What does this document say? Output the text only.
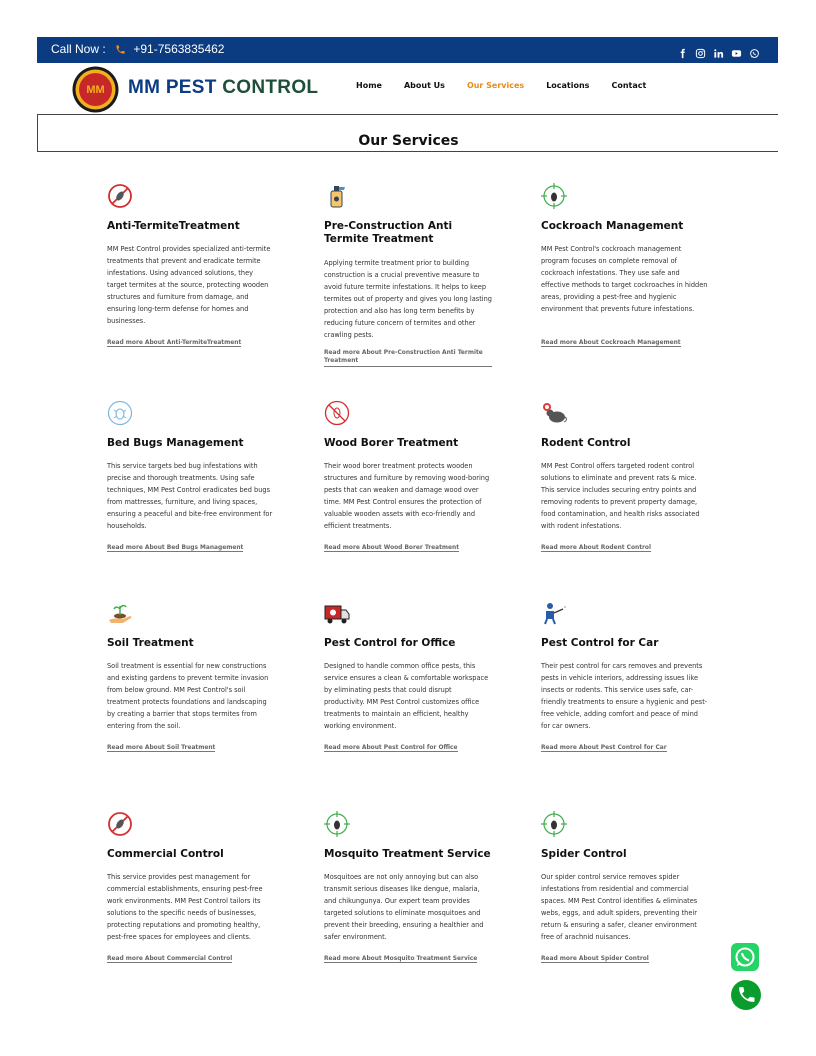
Call Now : +91-7563835462
MM MM PEST CONTROL	Home	About Us	Our Services	Locations	Contact
Our Services
Anti-TermiteTreatment
MM Pest Control provides specialized anti-termite treatments that prevent and eradicate termite infestations. Using advanced solutions, they target termites at the source, protecting wooden structures and furniture from damage, and ensuring long-term defense for homes and businesses.
Read more About Anti-TermiteTreatment
Pre-Construction Anti Termite Treatment
Applying termite treatment prior to building construction is a crucial preventive measure to avoid future termite infestations. It helps to keep termites out of property and gives you long lasting protection and also has long term benefits by reducing future concern of termites and other crawling pests.
Read more About Pre-Construction Anti Termite Treatment
Cockroach Management
MM Pest Control's cockroach management program focuses on complete removal of cockroach infestations. They use safe and effective methods to target cockroaches in hidden areas, providing a pest-free and hygienic environment that prevents future infestations.
Read more About Cockroach Management
Bed Bugs Management
This service targets bed bug infestations with precise and thorough treatments. Using safe techniques, MM Pest Control eradicates bed bugs from mattresses, furniture, and living spaces, ensuring a peaceful and bite-free environment for households.
Read more About Bed Bugs Management
Wood Borer Treatment
Their wood borer treatment protects wooden structures and furniture by removing wood-boring pests that can weaken and damage wood over time. MM Pest Control ensures the protection of valuable wooden assets with eco-friendly and efficient treatments.
Read more About Wood Borer Treatment
Rodent Control
MM Pest Control offers targeted rodent control solutions to eliminate and prevent rats & mice. This service includes securing entry points and removing rodents to prevent property damage, food contamination, and health risks associated with rodent infestations.
Read more About Rodent Control
Soil Treatment
Soil treatment is essential for new constructions and existing gardens to prevent termite invasion from below ground. MM Pest Control's soil treatment protects foundations and landscaping by creating a barrier that stops termites from entering from the soil.
Read more About Soil Treatment
Pest Control for Office
Designed to handle common office pests, this service ensures a clean & comfortable workspace by eliminating pests that could disrupt productivity. MM Pest Control customizes office treatments to maintain an efficient, healthy working environment.
Read more About Pest Control for Office
Pest Control for Car
Their pest control for cars removes and prevents pests in vehicle interiors, addressing issues like insects or rodents. This service uses safe, car-friendly treatments to ensure a hygienic and pest-free vehicle, adding comfort and peace of mind for car owners.
Read more About Pest Control for Car
Commercial Control
This service provides pest management for commercial establishments, ensuring pest-free work environments. MM Pest Control tailors its solutions to the specific needs of businesses, protecting reputations and promoting healthy, pest-free spaces for employees and clients.
Read more About Commercial Control
Mosquito Treatment Service
Mosquitoes are not only annoying but can also transmit serious diseases like dengue, malaria, and chikungunya. Our expert team provides targeted solutions to eliminate mosquitoes and prevent their breeding, ensuring a healthier and safer environment.
Read more About Mosquito Treatment Service
Spider Control
Our spider control service removes spider infestations from residential and commercial spaces. MM Pest Control identifies & eliminates webs, eggs, and adult spiders, preventing their return & ensuring a safer, cleaner environment free of arachnid nuisances.
Read more About Spider Control
